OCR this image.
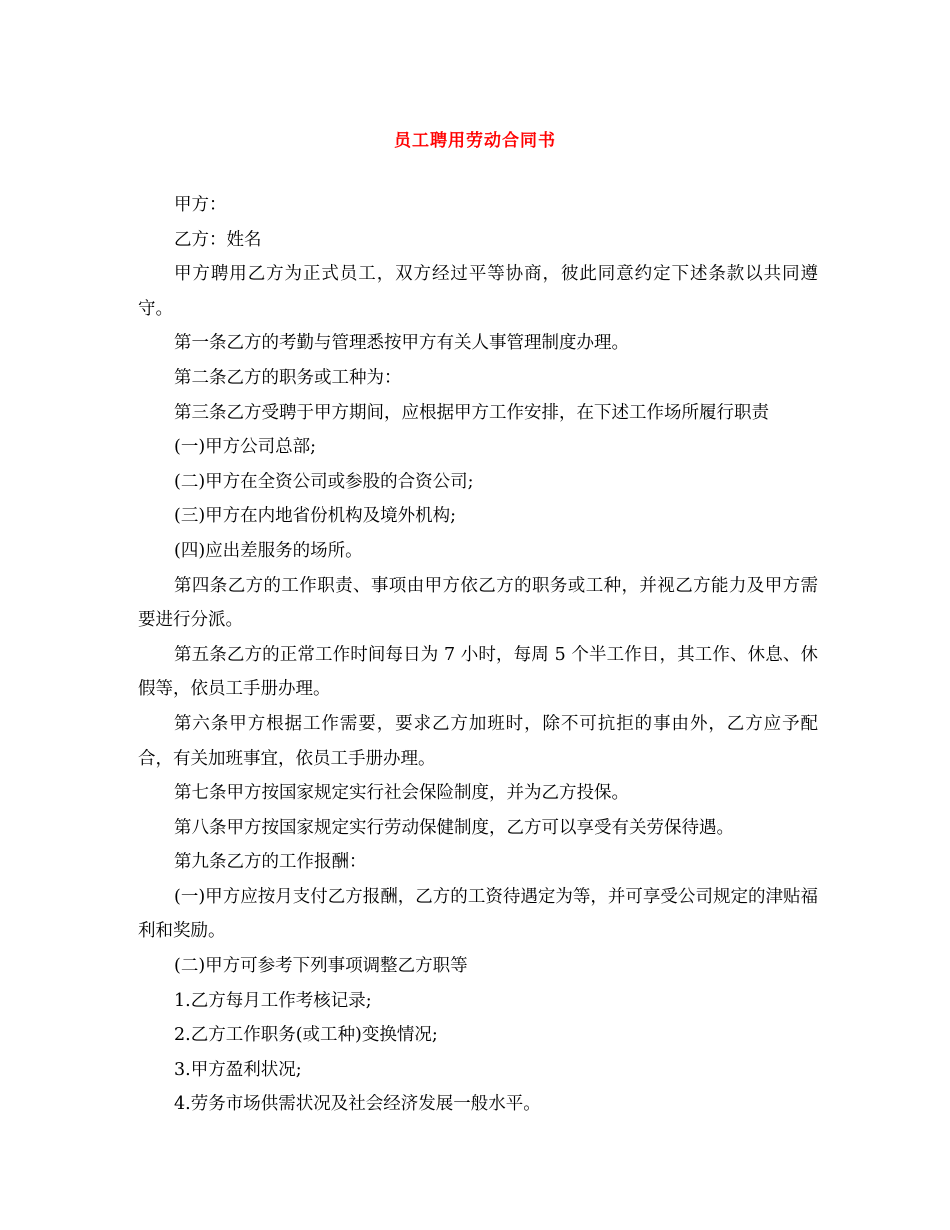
员工聘用劳动合同书

甲方：

乙方：姓名

甲方聘用乙方为正式员工，双方经过平等协商，彼此同意约定下述条款以共同遵守。

第一条乙方的考勤与管理悉按甲方有关人事管理制度办理。

第二条乙方的职务或工种为：

第三条乙方受聘于甲方期间，应根据甲方工作安排，在下述工作场所履行职责

(一)甲方公司总部;

(二)甲方在全资公司或参股的合资公司;

(三)甲方在内地省份机构及境外机构;

(四)应出差服务的场所。

第四条乙方的工作职责、事项由甲方依乙方的职务或工种，并视乙方能力及甲方需要进行分派。

第五条乙方的正常工作时间每日为 7 小时，每周 5 个半工作日，其工作、休息、休假等，依员工手册办理。

第六条甲方根据工作需要，要求乙方加班时，除不可抗拒的事由外，乙方应予配合，有关加班事宜，依员工手册办理。

第七条甲方按国家规定实行社会保险制度，并为乙方投保。

第八条甲方按国家规定实行劳动保健制度，乙方可以享受有关劳保待遇。

第九条乙方的工作报酬：

(一)甲方应按月支付乙方报酬，乙方的工资待遇定为等，并可享受公司规定的津贴福利和奖励。

(二)甲方可参考下列事项调整乙方职等

1.乙方每月工作考核记录;

2.乙方工作职务(或工种)变换情况;

3.甲方盈利状况;

4.劳务市场供需状况及社会经济发展一般水平。
